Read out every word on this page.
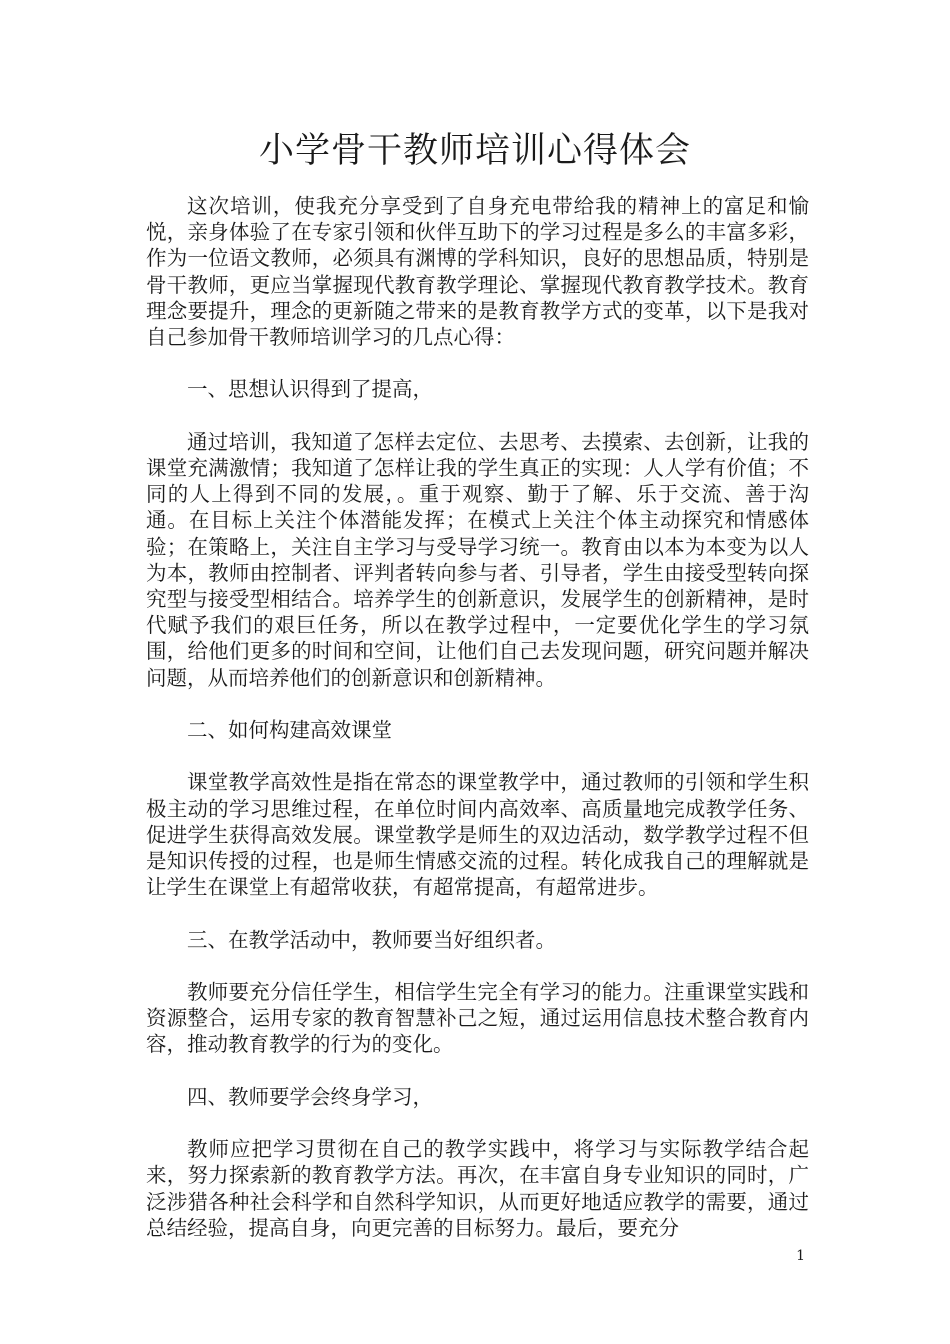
小学骨干教师培训心得体会

这次培训，使我充分享受到了自身充电带给我的精神上的富足和愉悦，亲身体验了在专家引领和伙伴互助下的学习过程是多么的丰富多彩，作为一位语文教师，必须具有渊博的学科知识，良好的思想品质，特别是骨干教师，更应当掌握现代教育教学理论、掌握现代教育教学技术。教育理念要提升，理念的更新随之带来的是教育教学方式的变革，以下是我对自己参加骨干教师培训学习的几点心得：

一、思想认识得到了提高，

通过培训，我知道了怎样去定位、去思考、去摸索、去创新，让我的课堂充满激情；我知道了怎样让我的学生真正的实现：人人学有价值；不同的人上得到不同的发展，。重于观察、勤于了解、乐于交流、善于沟通。在目标上关注个体潜能发挥；在模式上关注个体主动探究和情感体验；在策略上，关注自主学习与受导学习统一。教育由以本为本变为以人为本，教师由控制者、评判者转向参与者、引导者，学生由接受型转向探究型与接受型相结合。培养学生的创新意识，发展学生的创新精神，是时代赋予我们的艰巨任务，所以在教学过程中，一定要优化学生的学习氛围，给他们更多的时间和空间，让他们自己去发现问题，研究问题并解决问题，从而培养他们的创新意识和创新精神。

二、如何构建高效课堂

课堂教学高效性是指在常态的课堂教学中，通过教师的引领和学生积极主动的学习思维过程，在单位时间内高效率、高质量地完成教学任务、促进学生获得高效发展。课堂教学是师生的双边活动，数学教学过程不但是知识传授的过程，也是师生情感交流的过程。转化成我自己的理解就是让学生在课堂上有超常收获，有超常提高，有超常进步。

三、在教学活动中，教师要当好组织者。

教师要充分信任学生，相信学生完全有学习的能力。注重课堂实践和资源整合，运用专家的教育智慧补己之短，通过运用信息技术整合教育内容，推动教育教学的行为的变化。

四、教师要学会终身学习，

教师应把学习贯彻在自己的教学实践中，将学习与实际教学结合起来，努力探索新的教育教学方法。再次，在丰富自身专业知识的同时，广泛涉猎各种社会科学和自然科学知识，从而更好地适应教学的需要，通过总结经验，提高自身，向更完善的目标努力。最后，要充分

1
